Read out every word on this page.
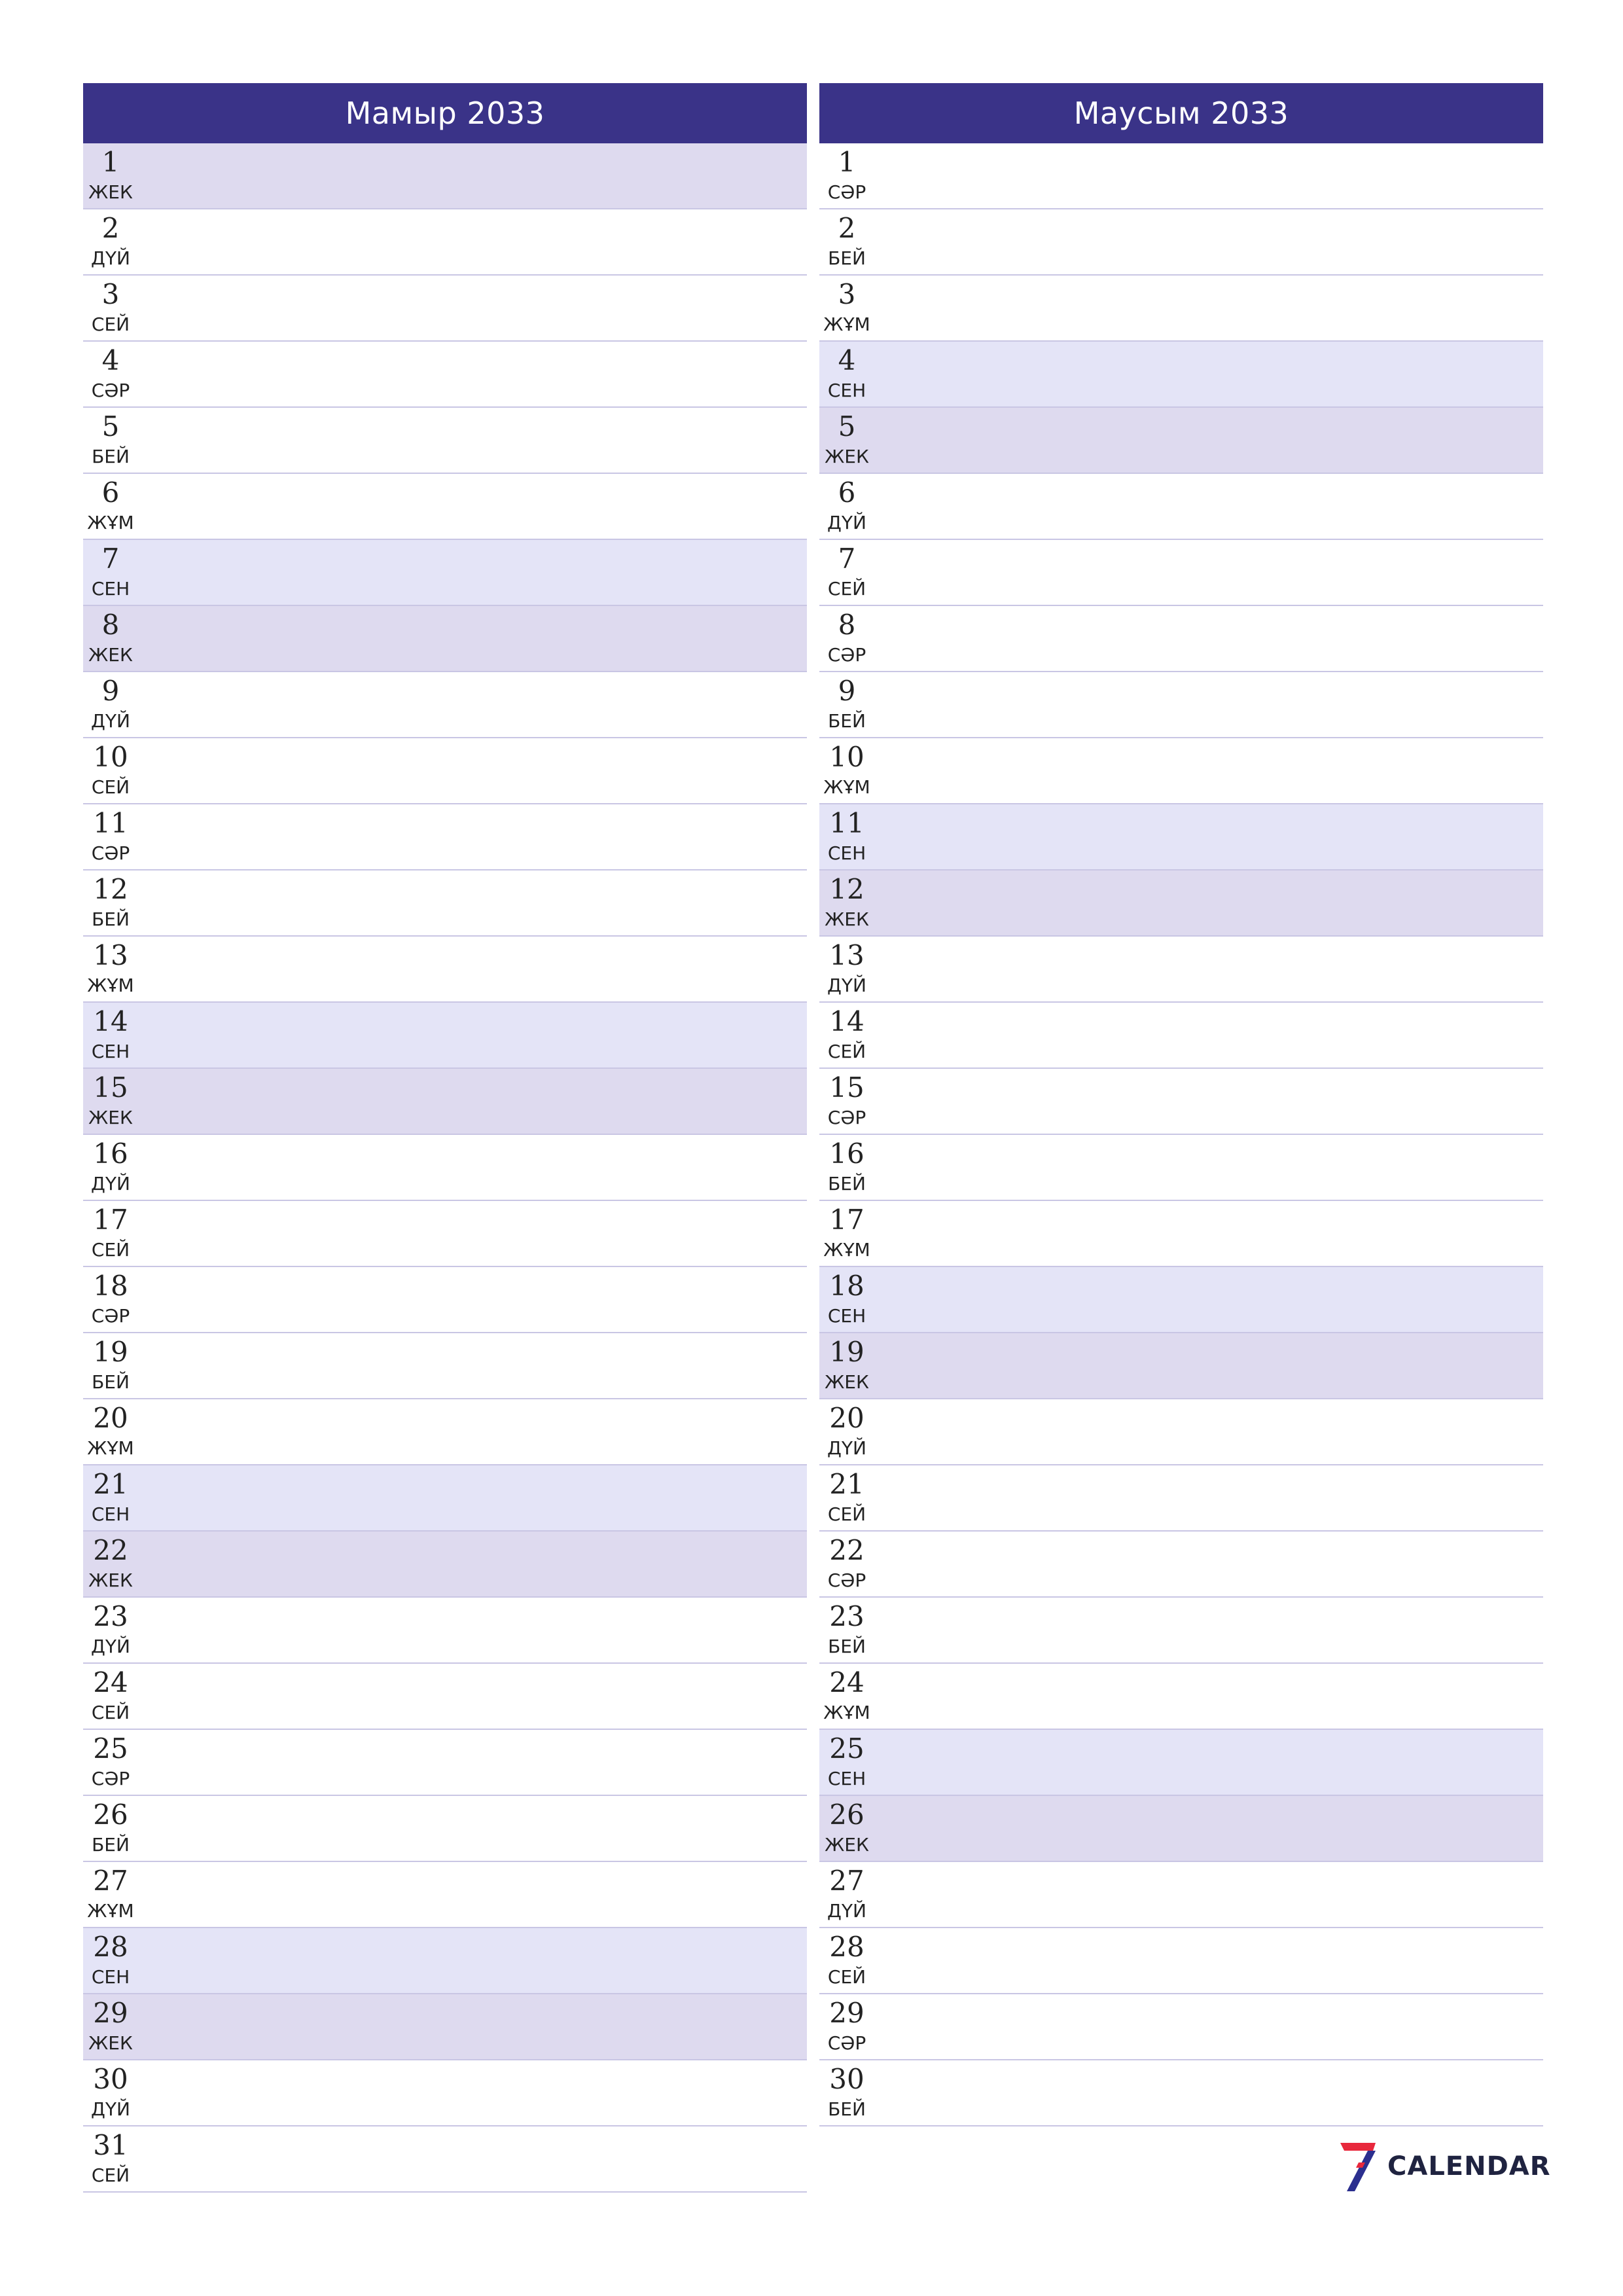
Мамыр 2033
1
ЖЕК
2
ДҮЙ
3
СЕЙ
4
СӘР
5
БЕЙ
6
ЖҰМ
7
СЕН
8
ЖЕК
9
ДҮЙ
10
СЕЙ
11
СӘР
12
БЕЙ
13
ЖҰМ
14
СЕН
15
ЖЕК
16
ДҮЙ
17
СЕЙ
18
СӘР
19
БЕЙ
20
ЖҰМ
21
СЕН
22
ЖЕК
23
ДҮЙ
24
СЕЙ
25
СӘР
26
БЕЙ
27
ЖҰМ
28
СЕН
29
ЖЕК
30
ДҮЙ
31
СЕЙ
Маусым 2033
1
СӘР
2
БЕЙ
3
ЖҰМ
4
СЕН
5
ЖЕК
6
ДҮЙ
7
СЕЙ
8
СӘР
9
БЕЙ
10
ЖҰМ
11
СЕН
12
ЖЕК
13
ДҮЙ
14
СЕЙ
15
СӘР
16
БЕЙ
17
ЖҰМ
18
СЕН
19
ЖЕК
20
ДҮЙ
21
СЕЙ
22
СӘР
23
БЕЙ
24
ЖҰМ
25
СЕН
26
ЖЕК
27
ДҮЙ
28
СЕЙ
29
СӘР
30
БЕЙ
CALENDAR
